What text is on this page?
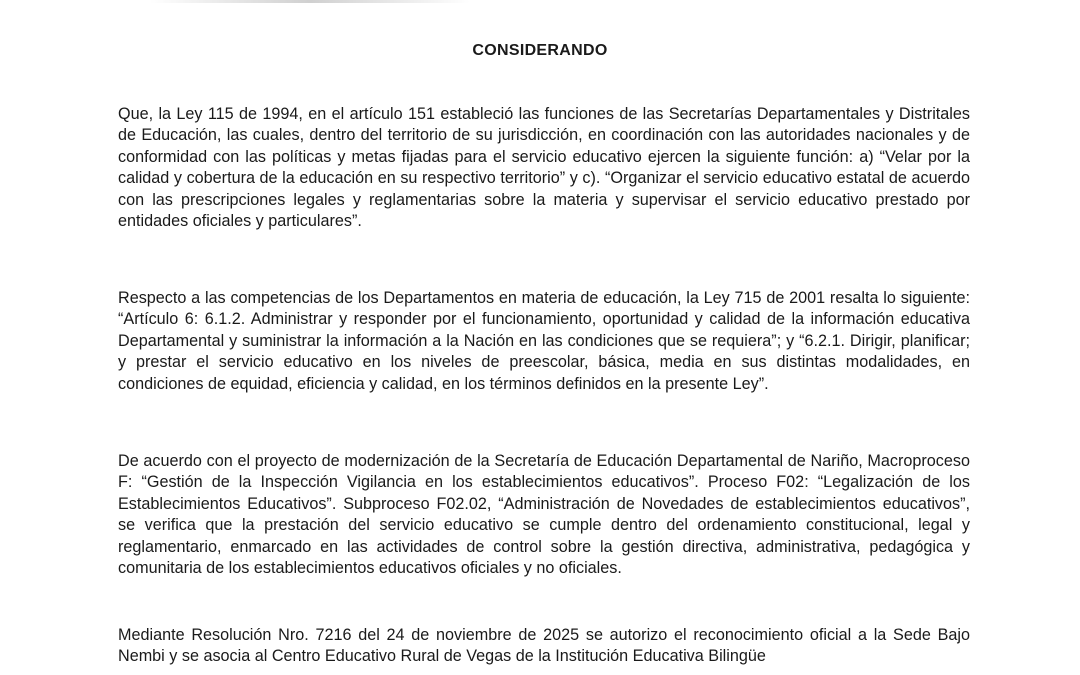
CONSIDERANDO

Que, la Ley 115 de 1994, en el artículo 151 estableció las funciones de las Secretarías Departamentales y Distritales de Educación, las cuales, dentro del territorio de su jurisdicción, en coordinación con las autoridades nacionales y de conformidad con las políticas y metas fijadas para el servicio educativo ejercen la siguiente función: a) “Velar por la calidad y cobertura de la educación en su respectivo territorio” y c). “Organizar el servicio educativo estatal de acuerdo con las prescripciones legales y reglamentarias sobre la materia y supervisar el servicio educativo prestado por entidades oficiales y particulares”.

Respecto a las competencias de los Departamentos en materia de educación, la Ley 715 de 2001 resalta lo siguiente: “Artículo 6: 6.1.2. Administrar y responder por el funcionamiento, oportunidad y calidad de la información educativa Departamental y suministrar la información a la Nación en las condiciones que se requiera”; y “6.2.1. Dirigir, planificar; y prestar el servicio educativo en los niveles de preescolar, básica, media en sus distintas modalidades, en condiciones de equidad, eficiencia y calidad, en los términos definidos en la presente Ley”.

De acuerdo con el proyecto de modernización de la Secretaría de Educación Departamental de Nariño, Macroproceso F: “Gestión de la Inspección Vigilancia en los establecimientos educativos”. Proceso F02: “Legalización de los Establecimientos Educativos”. Subproceso F02.02, “Administración de Novedades de establecimientos educativos”, se verifica que la prestación del servicio educativo se cumple dentro del ordenamiento constitucional, legal y reglamentario, enmarcado en las actividades de control sobre la gestión directiva, administrativa, pedagógica y comunitaria de los establecimientos educativos oficiales y no oficiales.

Mediante Resolución Nro. 7216 del 24 de noviembre de 2025 se autorizo el reconocimiento oficial a la Sede Bajo Nembi y se asocia al Centro Educativo Rural de Vegas de la Institución Educativa Bilingüe
